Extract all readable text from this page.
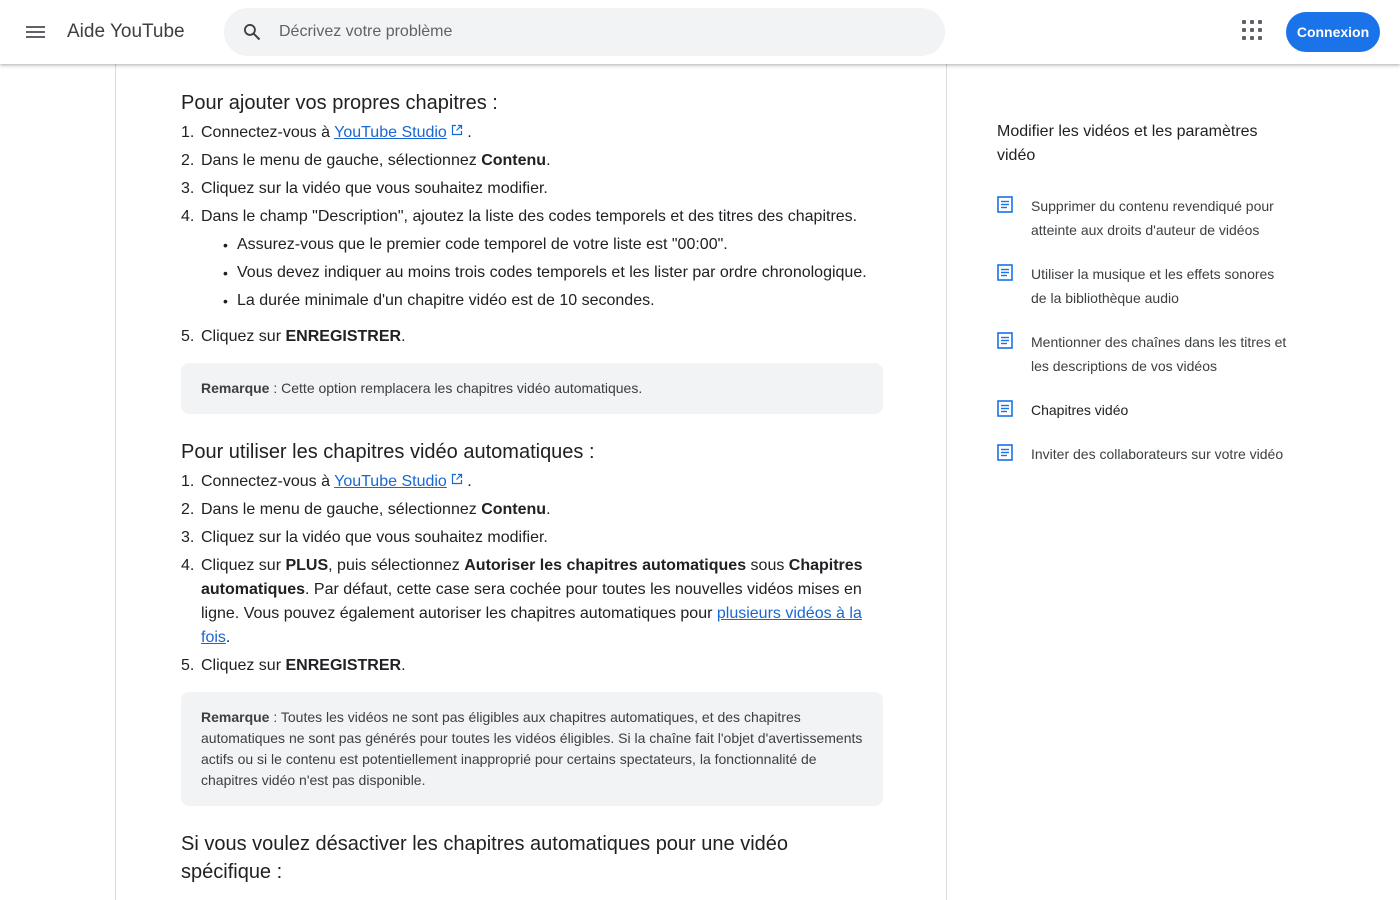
Aide YouTube
Décrivez votre problème	Connexion
Pour ajouter vos propres chapitres :
1. Connectez-vous à YouTube Studio .
2. Dans le menu de gauche, sélectionnez Contenu.
3. Cliquez sur la vidéo que vous souhaitez modifier.
4. Dans le champ "Description", ajoutez la liste des codes temporels et des titres des chapitres.
• Assurez-vous que le premier code temporel de votre liste est "00:00".
• Vous devez indiquer au moins trois codes temporels et les lister par ordre chronologique.
• La durée minimale d'un chapitre vidéo est de 10 secondes.
5. Cliquez sur ENREGISTRER.
Remarque : Cette option remplacera les chapitres vidéo automatiques.
Pour utiliser les chapitres vidéo automatiques :
1. Connectez-vous à YouTube Studio .
2. Dans le menu de gauche, sélectionnez Contenu.
3. Cliquez sur la vidéo que vous souhaitez modifier.
4. Cliquez sur PLUS, puis sélectionnez Autoriser les chapitres automatiques sous Chapitres automatiques. Par défaut, cette case sera cochée pour toutes les nouvelles vidéos mises en ligne. Vous pouvez également autoriser les chapitres automatiques pour plusieurs vidéos à la fois.
5. Cliquez sur ENREGISTRER.
Remarque : Toutes les vidéos ne sont pas éligibles aux chapitres automatiques, et des chapitres automatiques ne sont pas générés pour toutes les vidéos éligibles. Si la chaîne fait l'objet d'avertissements actifs ou si le contenu est potentiellement inapproprié pour certains spectateurs, la fonctionnalité de chapitres vidéo n'est pas disponible.
Si vous voulez désactiver les chapitres automatiques pour une vidéo spécifique :
Modifier les vidéos et les paramètres vidéo
Supprimer du contenu revendiqué pour atteinte aux droits d'auteur de vidéos
Utiliser la musique et les effets sonores de la bibliothèque audio
Mentionner des chaînes dans les titres et les descriptions de vos vidéos
Chapitres vidéo
Inviter des collaborateurs sur votre vidéo
